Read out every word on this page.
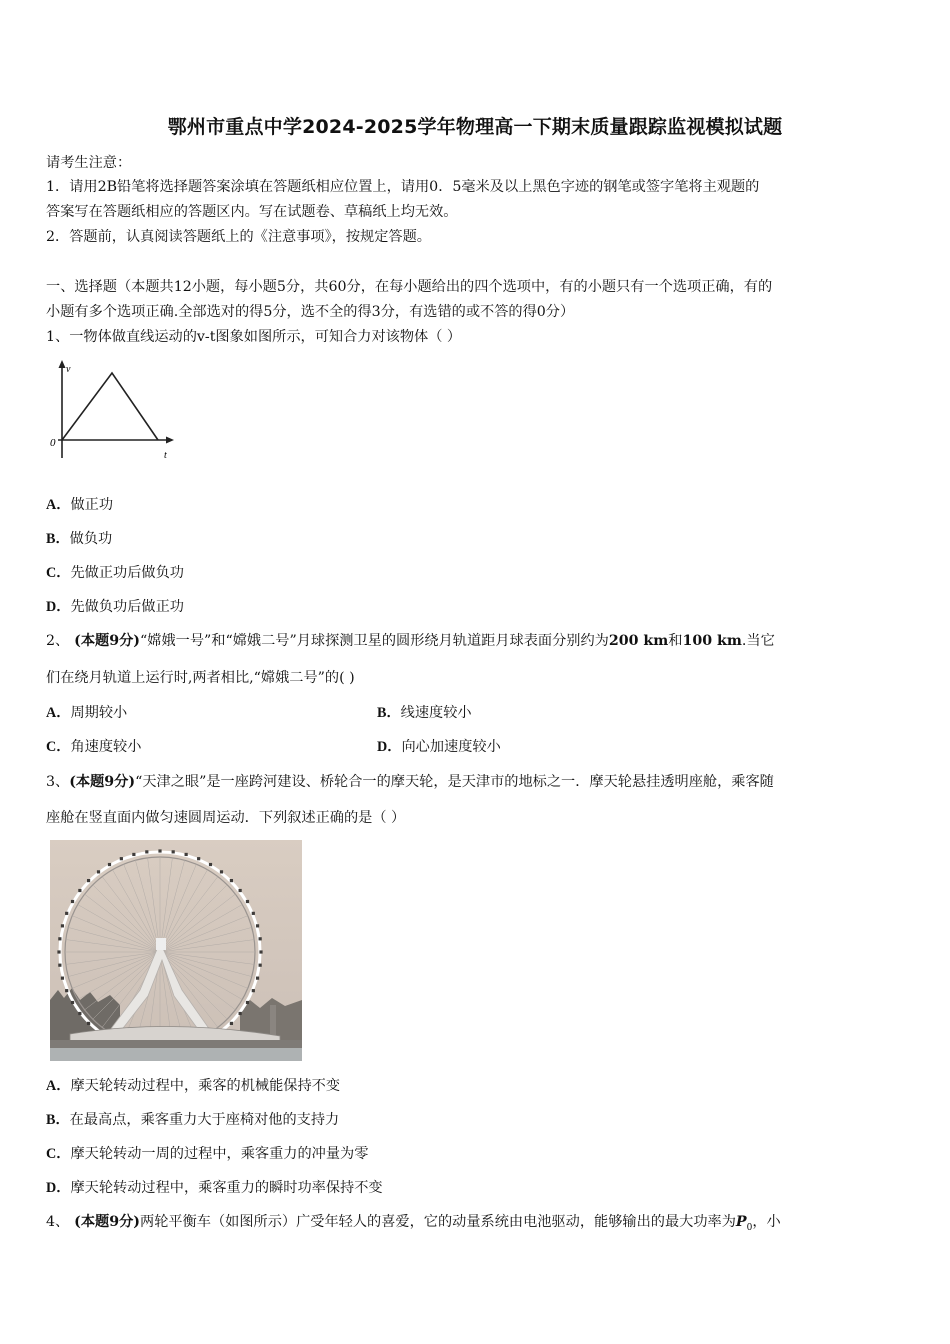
鄂州市重点中学2024-2025学年物理高一下期末质量跟踪监视模拟试题
请考生注意：
1．请用2B铅笔将选择题答案涂填在答题纸相应位置上，请用0．5毫米及以上黑色字迹的钢笔或签字笔将主观题的
答案写在答题纸相应的答题区内。写在试题卷、草稿纸上均无效。
2．答题前，认真阅读答题纸上的《注意事项》，按规定答题。
一、选择题（本题共12小题，每小题5分，共60分，在每小题给出的四个选项中，有的小题只有一个选项正确，有的
小题有多个选项正确.全部选对的得5分，选不全的得3分，有选错的或不答的得0分）
1、一物体做直线运动的v-t图象如图所示，可知合力对该物体（ ）
v
t
0
A．做正功
B．做负功
C．先做正功后做负功
D．先做负功后做正功
2、 (本题9分)“嫦娥一号”和“嫦娥二号”月球探测卫星的圆形绕月轨道距月球表面分别约为200 km和100 km.当它
们在绕月轨道上运行时,两者相比,“嫦娥二号”的( )
A．周期较小	B．线速度较小
C．角速度较小	D．向心加速度较小
3、(本题9分)“天津之眼”是一座跨河建设、桥轮合一的摩天轮，是天津市的地标之一．摩天轮悬挂透明座舱，乘客随
座舱在竖直面内做匀速圆周运动．下列叙述正确的是（ ）
A．摩天轮转动过程中，乘客的机械能保持不变
B．在最高点，乘客重力大于座椅对他的支持力
C．摩天轮转动一周的过程中，乘客重力的冲量为零
D．摩天轮转动过程中，乘客重力的瞬时功率保持不变
4、 (本题9分)两轮平衡车（如图所示）广受年轻人的喜爱，它的动量系统由电池驱动，能够输出的最大功率为$P_0$，小
